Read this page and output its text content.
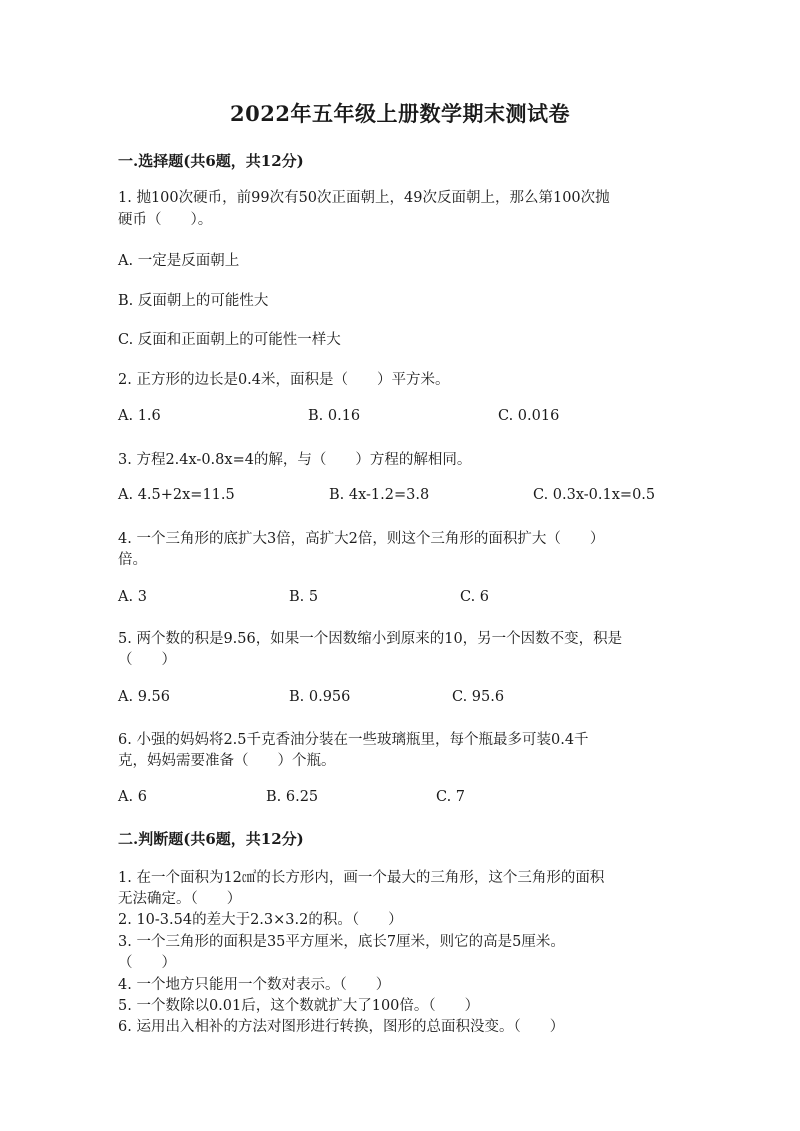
2022年五年级上册数学期末测试卷
一.选择题(共6题，共12分)
1. 抛100次硬币，前99次有50次正面朝上，49次反面朝上，那么第100次抛
硬币（　　）。
A. 一定是反面朝上
B. 反面朝上的可能性大
C. 反面和正面朝上的可能性一样大
2. 正方形的边长是0.4米，面积是（　　）平方米。
A. 1.6	B. 0.16	C. 0.016
3. 方程2.4x-0.8x=4的解，与（　　）方程的解相同。
A. 4.5+2x=11.5	B. 4x-1.2=3.8	C. 0.3x-0.1x=0.5
4. 一个三角形的底扩大3倍，高扩大2倍，则这个三角形的面积扩大（　　）
倍。
A. 3	B. 5	C. 6
5. 两个数的积是9.56，如果一个因数缩小到原来的10，另一个因数不变，积是
（　　）
A. 9.56	B. 0.956	C. 95.6
6. 小强的妈妈将2.5千克香油分装在一些玻璃瓶里，每个瓶最多可装0.4千
克，妈妈需要准备（　　）个瓶。
A. 6	B. 6.25	C. 7
二.判断题(共6题，共12分)
1. 在一个面积为12㎠的长方形内，画一个最大的三角形，这个三角形的面积
无法确定。（　　）
2. 10-3.54的差大于2.3×3.2的积。（　　）
3. 一个三角形的面积是35平方厘米，底长7厘米，则它的高是5厘米。
（　　）
4. 一个地方只能用一个数对表示。（　　）
5. 一个数除以0.01后，这个数就扩大了100倍。（　　）
6. 运用出入相补的方法对图形进行转换，图形的总面积没变。（　　）
